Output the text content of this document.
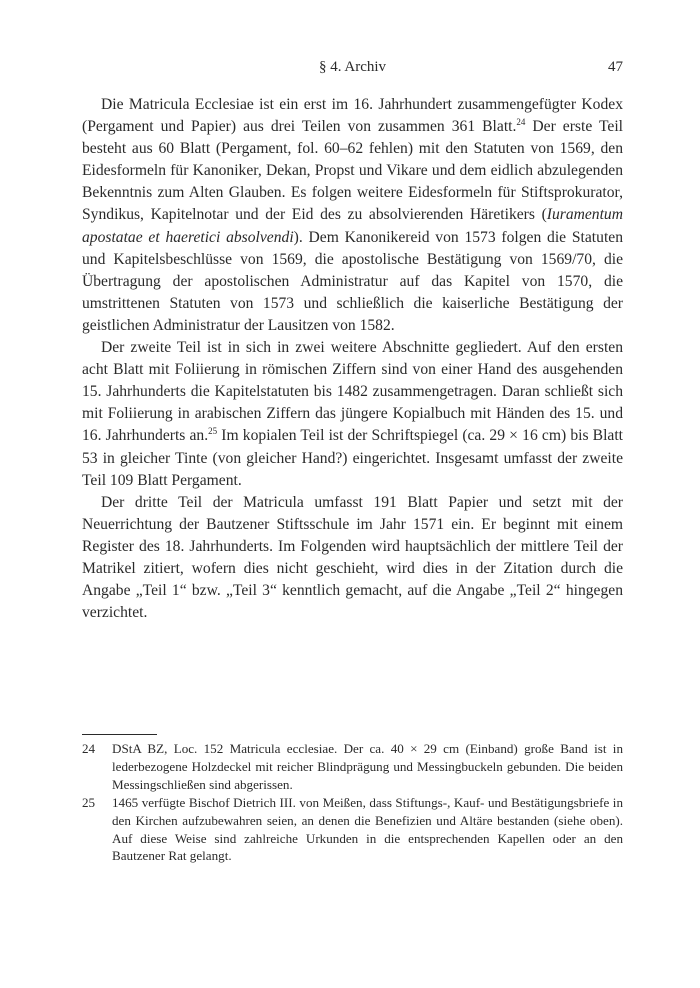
§ 4. Archiv	47

Die Matricula Ecclesiae ist ein erst im 16. Jahrhundert zusammengefügter Kodex (Pergament und Papier) aus drei Teilen von zusammen 361 Blatt.$^{24}$ Der erste Teil besteht aus 60 Blatt (Pergament, fol. 60–62 fehlen) mit den Statuten von 1569, den Eidesformeln für Kanoniker, Dekan, Propst und Vikare und dem eidlich abzulegenden Bekenntnis zum Alten Glauben. Es folgen weitere Eidesformeln für Stiftsprokurator, Syndikus, Kapitelnotar und der Eid des zu absolvierenden Häretikers (Iuramentum apostatae et haeretici absolvendi). Dem Kanonikereid von 1573 folgen die Statuten und Kapitelsbeschlüsse von 1569, die apostolische Bestätigung von 1569/70, die Übertragung der apostolischen Administratur auf das Kapitel von 1570, die umstrittenen Statuten von 1573 und schließlich die kaiserliche Bestätigung der geistlichen Administratur der Lausitzen von 1582.

Der zweite Teil ist in sich in zwei weitere Abschnitte gegliedert. Auf den ersten acht Blatt mit Foliierung in römischen Ziffern sind von einer Hand des ausgehenden 15. Jahrhunderts die Kapitelstatuten bis 1482 zusammengetragen. Daran schließt sich mit Foliierung in arabischen Ziffern das jüngere Kopialbuch mit Händen des 15. und 16. Jahrhunderts an.$^{25}$ Im kopialen Teil ist der Schriftspiegel (ca. 29 × 16 cm) bis Blatt 53 in gleicher Tinte (von gleicher Hand?) eingerichtet. Insgesamt umfasst der zweite Teil 109 Blatt Pergament.

Der dritte Teil der Matricula umfasst 191 Blatt Papier und setzt mit der Neuerrichtung der Bautzener Stiftsschule im Jahr 1571 ein. Er beginnt mit einem Register des 18. Jahrhunderts. Im Folgenden wird hauptsächlich der mittlere Teil der Matrikel zitiert, wofern dies nicht geschieht, wird dies in der Zitation durch die Angabe „Teil 1“ bzw. „Teil 3“ kenntlich gemacht, auf die Angabe „Teil 2“ hingegen verzichtet.

24	DStA BZ, Loc. 152 Matricula ecclesiae. Der ca. 40 × 29 cm (Einband) große Band ist in lederbezogene Holzdeckel mit reicher Blindprägung und Messingbuckeln gebunden. Die beiden Messingschließen sind abgerissen.
25	1465 verfügte Bischof Dietrich III. von Meißen, dass Stiftungs-, Kauf- und Bestätigungsbriefe in den Kirchen aufzubewahren seien, an denen die Benefizien und Altäre bestanden (siehe oben). Auf diese Weise sind zahlreiche Urkunden in die entsprechenden Kapellen oder an den Bautzener Rat gelangt.
